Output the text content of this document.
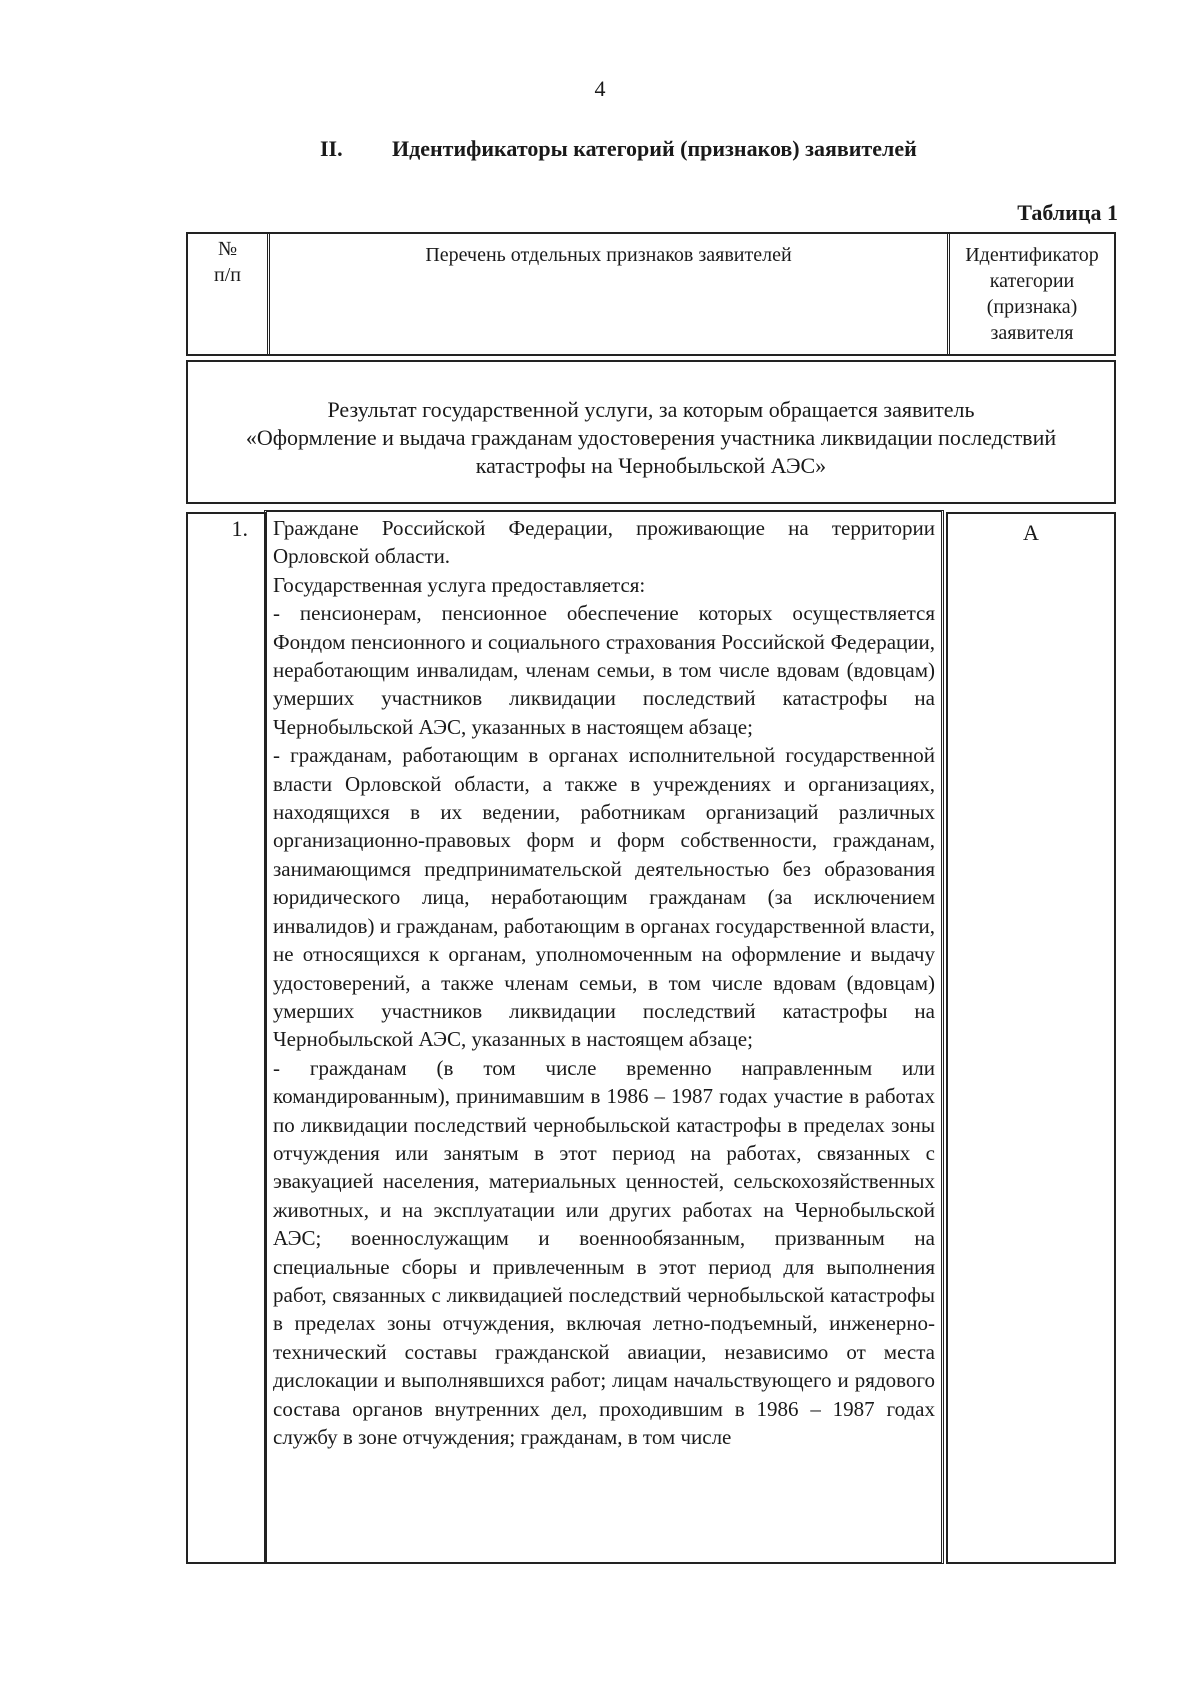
4
II. Идентификаторы категорий (признаков) заявителей
Таблица 1
№
п/п
Перечень отдельных признаков заявителей	Идентификатор
категории
(признака)
заявителя
Результат государственной услуги, за которым обращается заявитель
«Оформление и выдача гражданам удостоверения участника ликвидации последствий
катастрофы на Чернобыльской АЭС»
1.	Граждане Российской Федерации, проживающие на территории Орловской области.

Государственная услуга предоставляется:

- пенсионерам, пенсионное обеспечение которых осуществляется Фондом пенсионного и социального страхования Российской Федерации, неработающим инвалидам, членам семьи, в том числе вдовам (вдовцам) умерших участников ликвидации последствий катастрофы на Чернобыльской АЭС, указанных в настоящем абзаце;

- гражданам, работающим в органах исполнительной государственной власти Орловской области, а также в учреждениях и организациях, находящихся в их ведении, работникам организаций различных организационно-правовых форм и форм собственности, гражданам, занимающимся предпринимательской деятельностью без образования юридического лица, неработающим гражданам (за исключением инвалидов) и гражданам, работающим в органах государственной власти, не относящихся к органам, уполномоченным на оформление и выдачу удостоверений, а также членам семьи, в том числе вдовам (вдовцам) умерших участников ликвидации последствий катастрофы на Чернобыльской АЭС, указанных в настоящем абзаце;

- гражданам (в том числе временно направленным или командированным), принимавшим в 1986 – 1987 годах участие в работах по ликвидации последствий чернобыльской катастрофы в пределах зоны отчуждения или занятым в этот период на работах, связанных с эвакуацией населения, материальных ценностей, сельскохозяйственных животных, и на эксплуатации или других работах на Чернобыльской АЭС; военнослужащим и военнообязанным, призванным на специальные сборы и привлеченным в этот период для выполнения работ, связанных с ликвидацией последствий чернобыльской катастрофы в пределах зоны отчуждения, включая летно-подъемный, инженерно-технический составы гражданской авиации, независимо от места дислокации и выполнявшихся работ; лицам начальствующего и рядового состава органов внутренних дел, проходившим в 1986 – 1987 годах службу в зоне отчуждения; гражданам, в том числе

А
